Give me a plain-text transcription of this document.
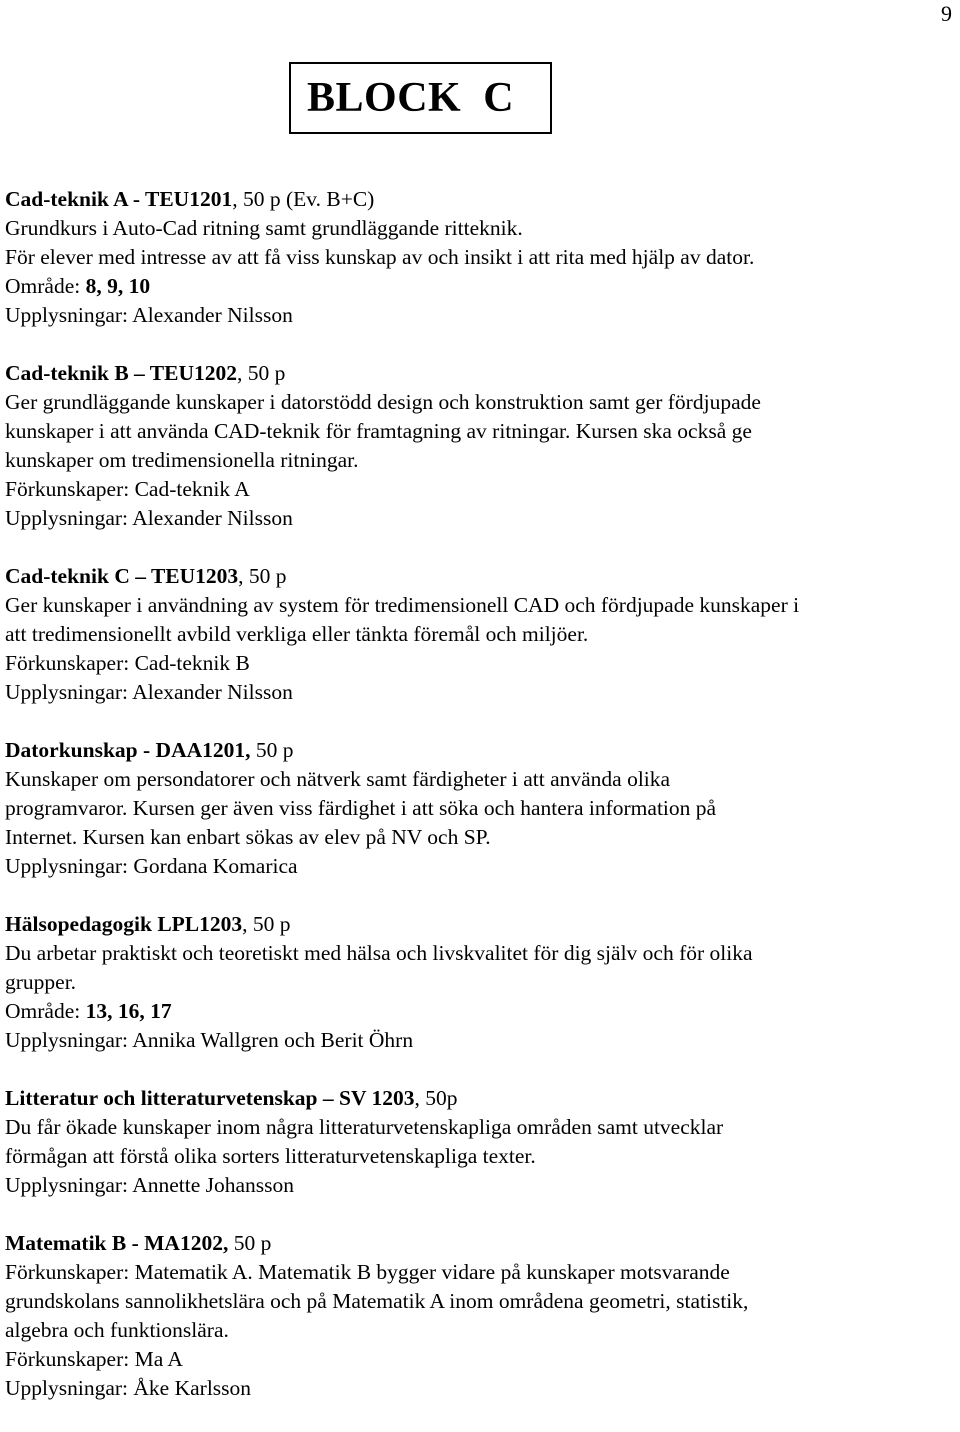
9
BLOCK  C

Cad-teknik A - TEU1201, 50 p (Ev. B+C)

Grundkurs i Auto-Cad ritning samt grundläggande ritteknik.

För elever med intresse av att få viss kunskap av och insikt i att rita med hjälp av dator.

Område: 8, 9, 10

Upplysningar: Alexander Nilsson

Cad-teknik B – TEU1202, 50 p

Ger grundläggande kunskaper i datorstödd design och konstruktion samt ger fördjupade

kunskaper i att använda CAD-teknik för framtagning av ritningar. Kursen ska också ge

kunskaper om tredimensionella ritningar.

Förkunskaper: Cad-teknik A

Upplysningar: Alexander Nilsson

Cad-teknik C – TEU1203, 50 p

Ger kunskaper i användning av system för tredimensionell CAD och fördjupade kunskaper i

att tredimensionellt avbild verkliga eller tänkta föremål och miljöer.

Förkunskaper: Cad-teknik B

Upplysningar: Alexander Nilsson

Datorkunskap - DAA1201, 50 p

Kunskaper om persondatorer och nätverk samt färdigheter i att använda olika

programvaror. Kursen ger även viss färdighet i att söka och hantera information på

Internet. Kursen kan enbart sökas av elev på NV och SP.

Upplysningar: Gordana Komarica

Hälsopedagogik LPL1203, 50 p

Du arbetar praktiskt och teoretiskt med hälsa och livskvalitet för dig själv och för olika

grupper.

Område: 13, 16, 17

Upplysningar: Annika Wallgren och Berit Öhrn

Litteratur och litteraturvetenskap – SV 1203, 50p

Du får ökade kunskaper inom några litteraturvetenskapliga områden samt utvecklar

förmågan att förstå olika sorters litteraturvetenskapliga texter.

Upplysningar: Annette Johansson

Matematik B - MA1202, 50 p

Förkunskaper: Matematik A. Matematik B bygger vidare på kunskaper motsvarande

grundskolans sannolikhetslära och på Matematik A inom områdena geometri, statistik,

algebra och funktionslära.

Förkunskaper: Ma A

Upplysningar: Åke Karlsson
